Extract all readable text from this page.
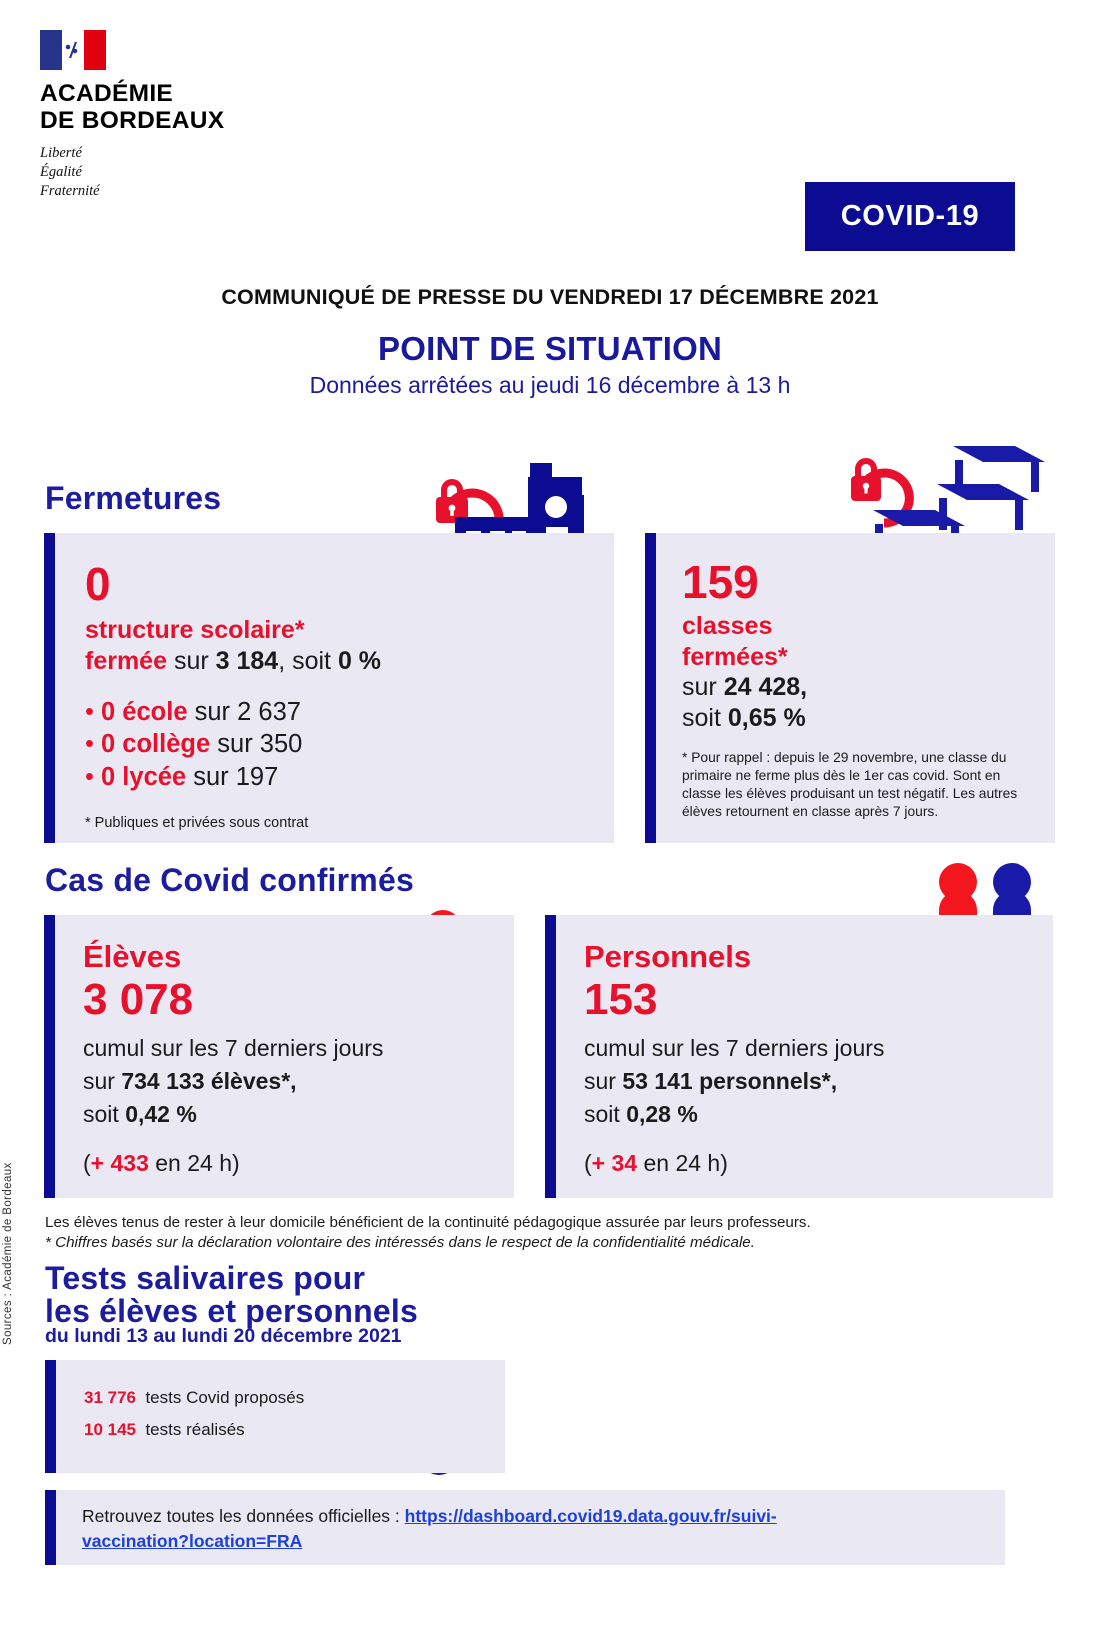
ACADÉMIE
DE BORDEAUX
Liberté
Égalité
Fraternité
COVID-19
COMMUNIQUÉ DE PRESSE DU VENDREDI 17 DÉCEMBRE 2021
POINT DE SITUATION
Données arrêtées au jeudi 16 décembre à 13 h
Fermetures
0
structure scolaire*
fermée sur 3 184, soit 0 %
• 0 école sur 2 637
• 0 collège sur 350
• 0 lycée sur 197
* Publiques et privées sous contrat
159
classes
fermées*
sur 24 428,
soit 0,65 %
* Pour rappel : depuis le 29 novembre, une classe du primaire ne ferme plus dès le 1er cas covid. Sont en classe les élèves produisant un test négatif. Les autres élèves retournent en classe après 7 jours.
Cas de Covid confirmés
Élèves
3 078
cumul sur les 7 derniers jours
sur 734 133 élèves*,
soit 0,42 %
(+ 433 en 24 h)
Personnels
153
cumul sur les 7 derniers jours
sur 53 141 personnels*,
soit 0,28 %
(+ 34 en 24 h)
Les élèves tenus de rester à leur domicile bénéficient de la continuité pédagogique assurée par leurs professeurs.
* Chiffres basés sur la déclaration volontaire des intéressés dans le respect de la confidentialité médicale.
Tests salivaires pour
les élèves et personnels
du lundi 13 au lundi 20 décembre 2021
31 776 tests Covid proposés
10 145 tests réalisés
Retrouvez toutes les données officielles : https://dashboard.covid19.data.gouv.fr/suivi-
vaccination?location=FRA
Sources : Académie de Bordeaux
